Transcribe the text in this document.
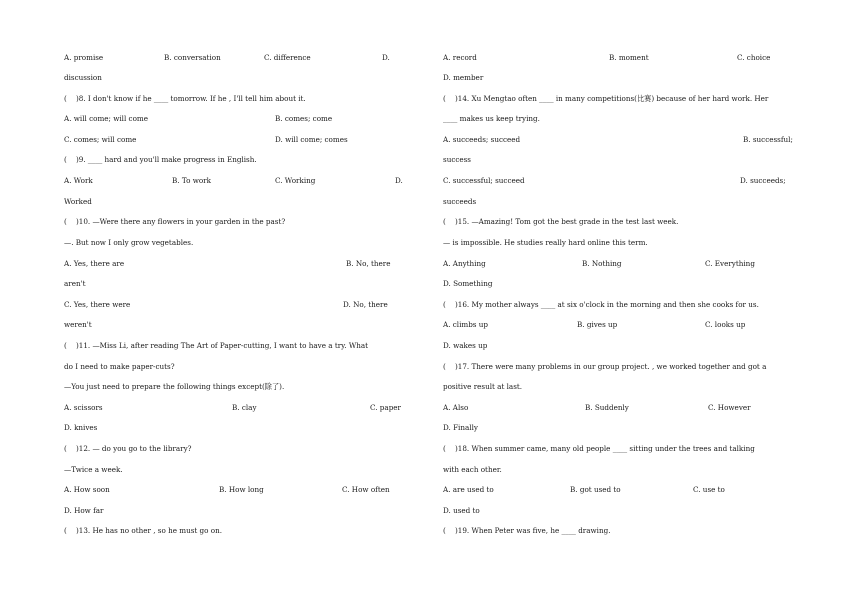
A. promise	B. conversation	C. difference	D.
discussion
(    )8. I don't know if he ____ tomorrow. If he , I'll tell him about it.
A. will come; will come	B. comes; come
C. comes; will come	D. will come; comes
(    )9. ____ hard and you'll make progress in English.
A. Work	B. To work	C. Working	D.
Worked
(    )10. —Were there any flowers in your garden in the past?
—. But now I only grow vegetables.
A. Yes, there are	B. No, there
aren't
C. Yes, there were	D. No, there
weren't
(    )11. —Miss Li, after reading The Art of Paper-cutting, I want to have a try. What
do I need to make paper-cuts?
—You just need to prepare the following things except(除了).
A. scissors	B. clay	C. paper
D. knives
(    )12. — do you go to the library?
—Twice a week.
A. How soon	B. How long	C. How often
D. How far
(    )13. He has no other , so he must go on.
A. record	B. moment	C. choice
D. member
(    )14. Xu Mengtao often ____ in many competitions(比赛) because of her hard work. Her
____ makes us keep trying.
A. succeeds; succeed	B. successful;
success
C. successful; succeed	D. succeeds;
succeeds
(    )15. —Amazing! Tom got the best grade in the test last week.
— is impossible. He studies really hard online this term.
A. Anything	B. Nothing	C. Everything
D. Something
(    )16. My mother always ____ at six o'clock in the morning and then she cooks for us.
A. climbs up	B. gives up	C. looks up
D. wakes up
(    )17. There were many problems in our group project. , we worked together and got a
positive result at last.
A. Also	B. Suddenly	C. However
D. Finally
(    )18. When summer came, many old people ____ sitting under the trees and talking
with each other.
A. are used to	B. got used to	C. use to
D. used to
(    )19. When Peter was five, he ____ drawing.
